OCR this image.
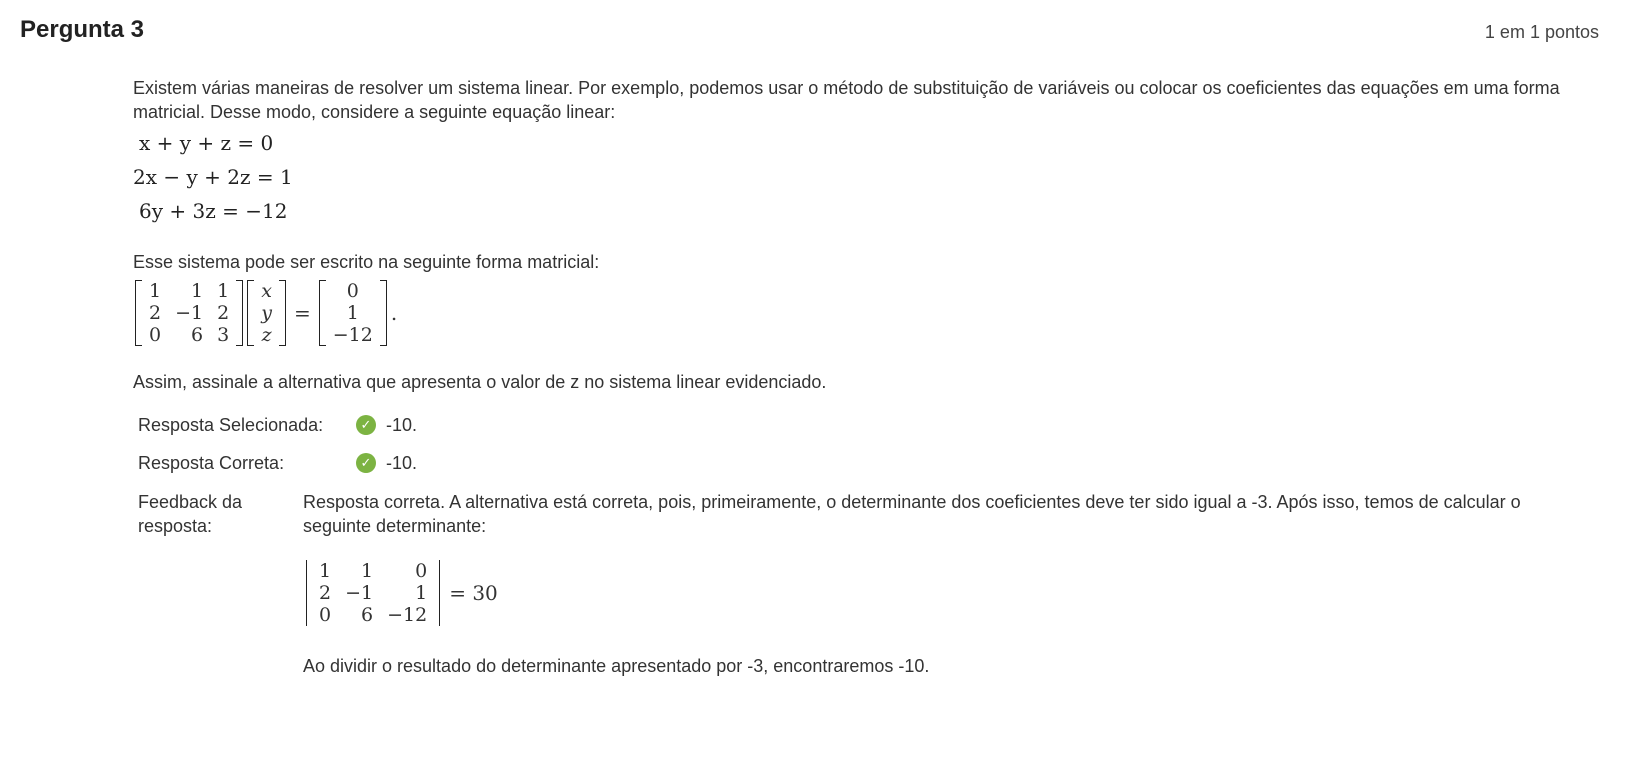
Pergunta 3	1 em 1 pontos

Existem várias maneiras de resolver um sistema linear. Por exemplo, podemos usar o método de substituição de variáveis ou colocar os coeficientes das equações em uma forma matricial. Desse modo, considere a seguinte equação linear:

x + y + z = 0
2x − y + 2z = 1
6y + 3z = −12

Esse sistema pode ser escrito na seguinte forma matricial:

1	1 1
2 −1 2
0	6 3
x
y
z
=
0
1
−12
.

Assim, assinale a alternativa que apresenta o valor de z no sistema linear evidenciado.

Resposta Selecionada:	✓ -10.
Resposta Correta:	✓ -10.
Feedback da resposta:
Resposta correta. A alternativa está correta, pois, primeiramente, o determinante dos coeficientes deve ter sido igual a -3. Após isso, temos de calcular o seguinte determinante:
1	1	0
2 −1	1
0	6 −12
= 30
Ao dividir o resultado do determinante apresentado por -3, encontraremos -10.
